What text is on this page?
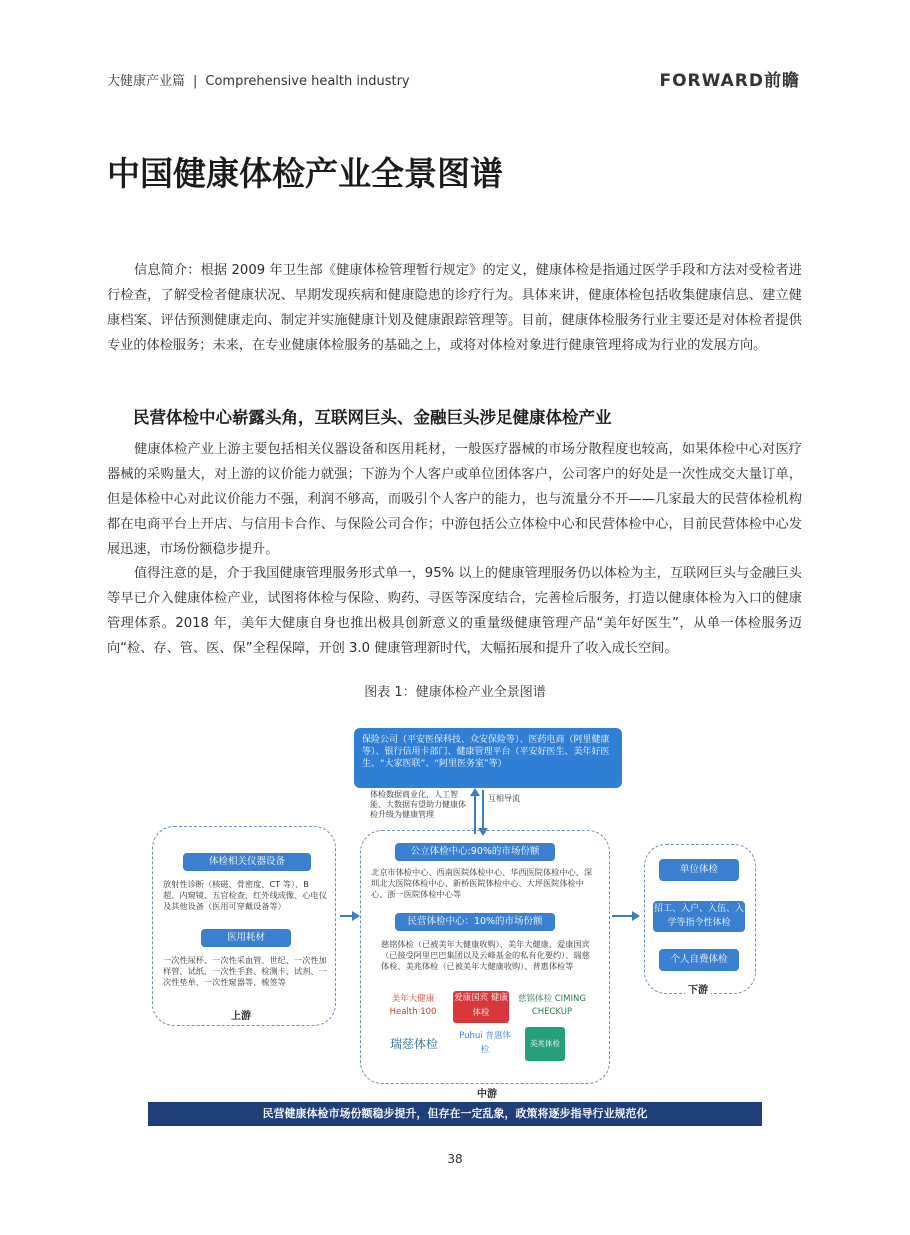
大健康产业篇 | Comprehensive health industry	FORWARD前瞻
中国健康体检产业全景图谱
信息简介：根据 2009 年卫生部《健康体检管理暂行规定》的定义，健康体检是指通过医学手段和方法对受检者进行检查，了解受检者健康状况、早期发现疾病和健康隐患的诊疗行为。具体来讲，健康体检包括收集健康信息、建立健康档案、评估预测健康走向、制定并实施健康计划及健康跟踪管理等。目前，健康体检服务行业主要还是对体检者提供专业的体检服务；未来，在专业健康体检服务的基础之上，或将对体检对象进行健康管理将成为行业的发展方向。
民营体检中心崭露头角，互联网巨头、金融巨头涉足健康体检产业
健康体检产业上游主要包括相关仪器设备和医用耗材，一般医疗器械的市场分散程度也较高，如果体检中心对医疗器械的采购量大，对上游的议价能力就强；下游为个人客户或单位团体客户，公司客户的好处是一次性成交大量订单，但是体检中心对此议价能力不强，利润不够高，而吸引个人客户的能力，也与流量分不开——几家最大的民营体检机构都在电商平台上开店、与信用卡合作、与保险公司合作；中游包括公立体检中心和民营体检中心，目前民营体检中心发展迅速，市场份额稳步提升。
值得注意的是，介于我国健康管理服务形式单一，95% 以上的健康管理服务仍以体检为主，互联网巨头与金融巨头等早已介入健康体检产业，试图将体检与保险、购药、寻医等深度结合，完善检后服务，打造以健康体检为入口的健康管理体系。2018 年，美年大健康自身也推出极具创新意义的重量级健康管理产品“美年好医生”，从单一体检服务迈向“检、存、管、医、保”全程保障，开创 3.0 健康管理新时代，大幅拓展和提升了收入成长空间。
图表 1：健康体检产业全景图谱
保险公司（平安医保科技、众安保险等）、医药电商（阿里健康等）、银行信用卡部门、健康管理平台（平安好医生、美年好医生、“大家医联”、“阿里医务室”等）
体检数据商业化，人工智能、大数据有望助力健康体检升级为健康管理
互相导流
体检相关仪器设备
放射性诊断（核磁、骨密度、CT 等）、B 超、内窥镜、五官检查、红外线成像、心电仪及其他设备（医用可穿戴设备等）
医用耗材
一次性尿杯、一次性采血管、世纪、一次性加样管、试纸、一次性手套、检测卡、试剂、一次性垫单、一次性窥器等、梳签等
上游
公立体检中心:90%的市场份额
北京市体检中心、西南医院体检中心、华西医院体检中心、深圳北大医院体检中心、新桥医院体检中心、大坪医院体检中心、浙一医院体检中心等
民营体检中心：10%的市场份额
慈铭体检（已被美年大健康收购）、美年大健康、爱康国宾（已接受阿里巴巴集团以及云峰基金的私有化要约）、瑞慈体检、美兆体检（已被美年大健康收购）、普惠体检等
美年大健康 Health 100
爱康国宾 健康体检
慈铭体检 CIMING CHECKUP
瑞慈体检
Puhui 普惠体检
美兆体检
中游
单位体检
招工、入户、入伍、入学等指令性体检
个人自费体检
下游
民营健康体检市场份额稳步提升，但存在一定乱象，政策将逐步指导行业规范化
38
